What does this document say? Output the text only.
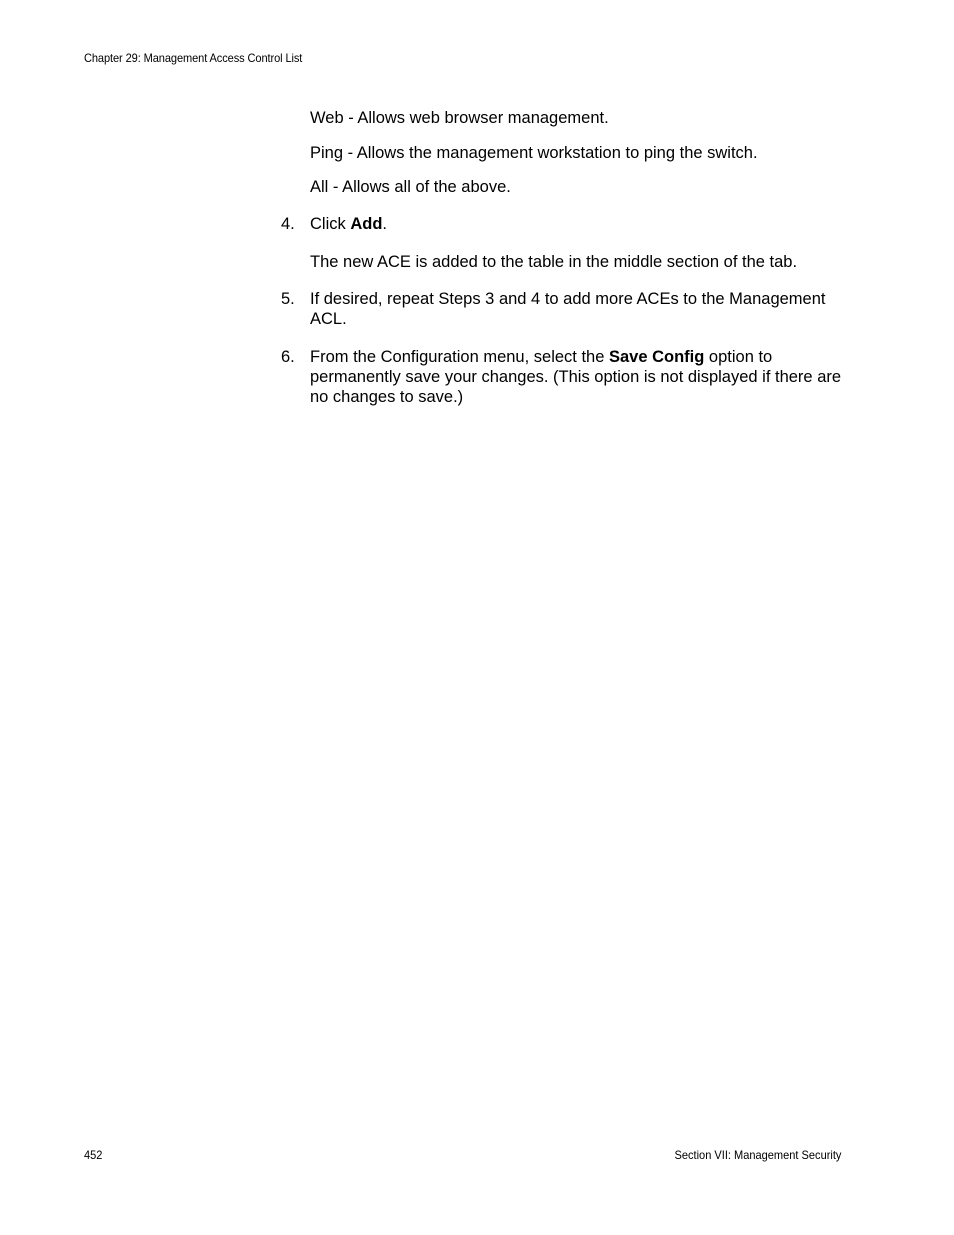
Chapter 29: Management Access Control List
Web - Allows web browser management.
Ping - Allows the management workstation to ping the switch.
All - Allows all of the above.
4. Click Add.
The new ACE is added to the table in the middle section of the tab.
5. If desired, repeat Steps 3 and 4 to add more ACEs to the Management ACL.
6. From the Configuration menu, select the Save Config option to permanently save your changes. (This option is not displayed if there are no changes to save.)
452	Section VII: Management Security
